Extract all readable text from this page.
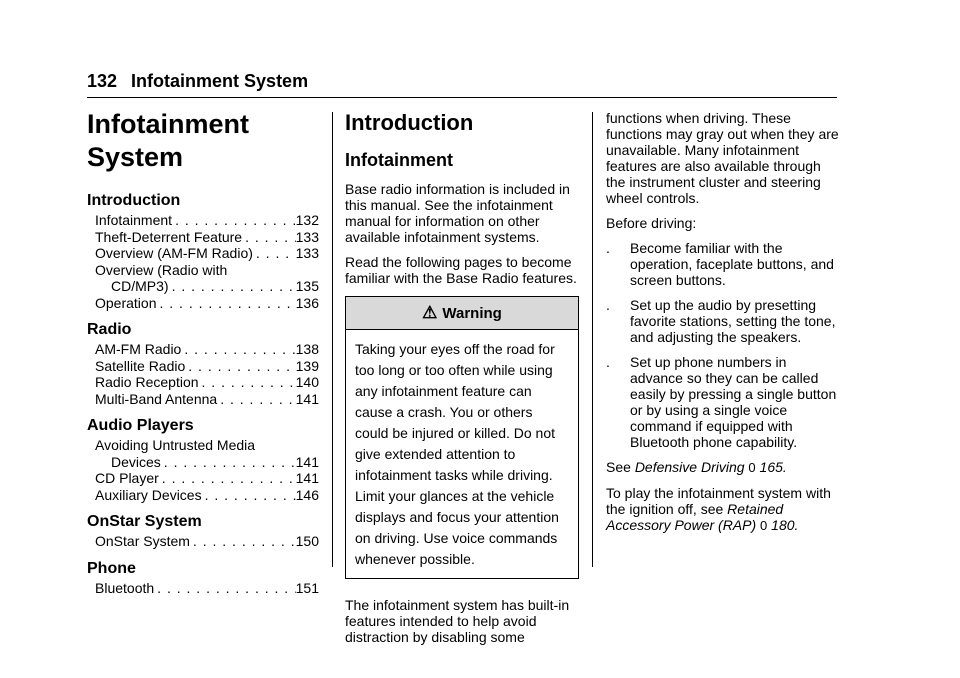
132 Infotainment System
Infotainment
System
Introduction
Infotainment . . .	132
Theft-Deterrent Feature . . .	133
Overview (AM-FM Radio) . . .	133
Overview (Radio with
CD/MP3) . . .	135
Operation . . .	136
Radio
AM-FM Radio . . .	138
Satellite Radio . . .	139
Radio Reception . . .	140
Multi-Band Antenna . . .	141
Audio Players
Avoiding Untrusted Media
Devices . . .	141
CD Player . . .	141
Auxiliary Devices . . .	146
OnStar System
OnStar System . . .	150
Phone
Bluetooth . . .	151
Introduction
Infotainment

Base radio information is included in this manual. See the infotainment manual for information on other available infotainment systems.

Read the following pages to become familiar with the Base Radio features.

⚠ Warning
Taking your eyes off the road for too long or too often while using any infotainment feature can cause a crash. You or others could be injured or killed. Do not give extended attention to infotainment tasks while driving. Limit your glances at the vehicle displays and focus your attention on driving. Use voice commands whenever possible.

The infotainment system has built-in features intended to help avoid distraction by disabling some

functions when driving. These functions may gray out when they are unavailable. Many infotainment features are also available through the instrument cluster and steering wheel controls.

Before driving:

.	Become familiar with the operation, faceplate buttons, and screen buttons.
.	Set up the audio by presetting favorite stations, setting the tone, and adjusting the speakers.
.	Set up phone numbers in advance so they can be called easily by pressing a single button or by using a single voice command if equipped with Bluetooth phone capability.

See Defensive Driving 0 165.

To play the infotainment system with the ignition off, see Retained Accessory Power (RAP) 0 180.
